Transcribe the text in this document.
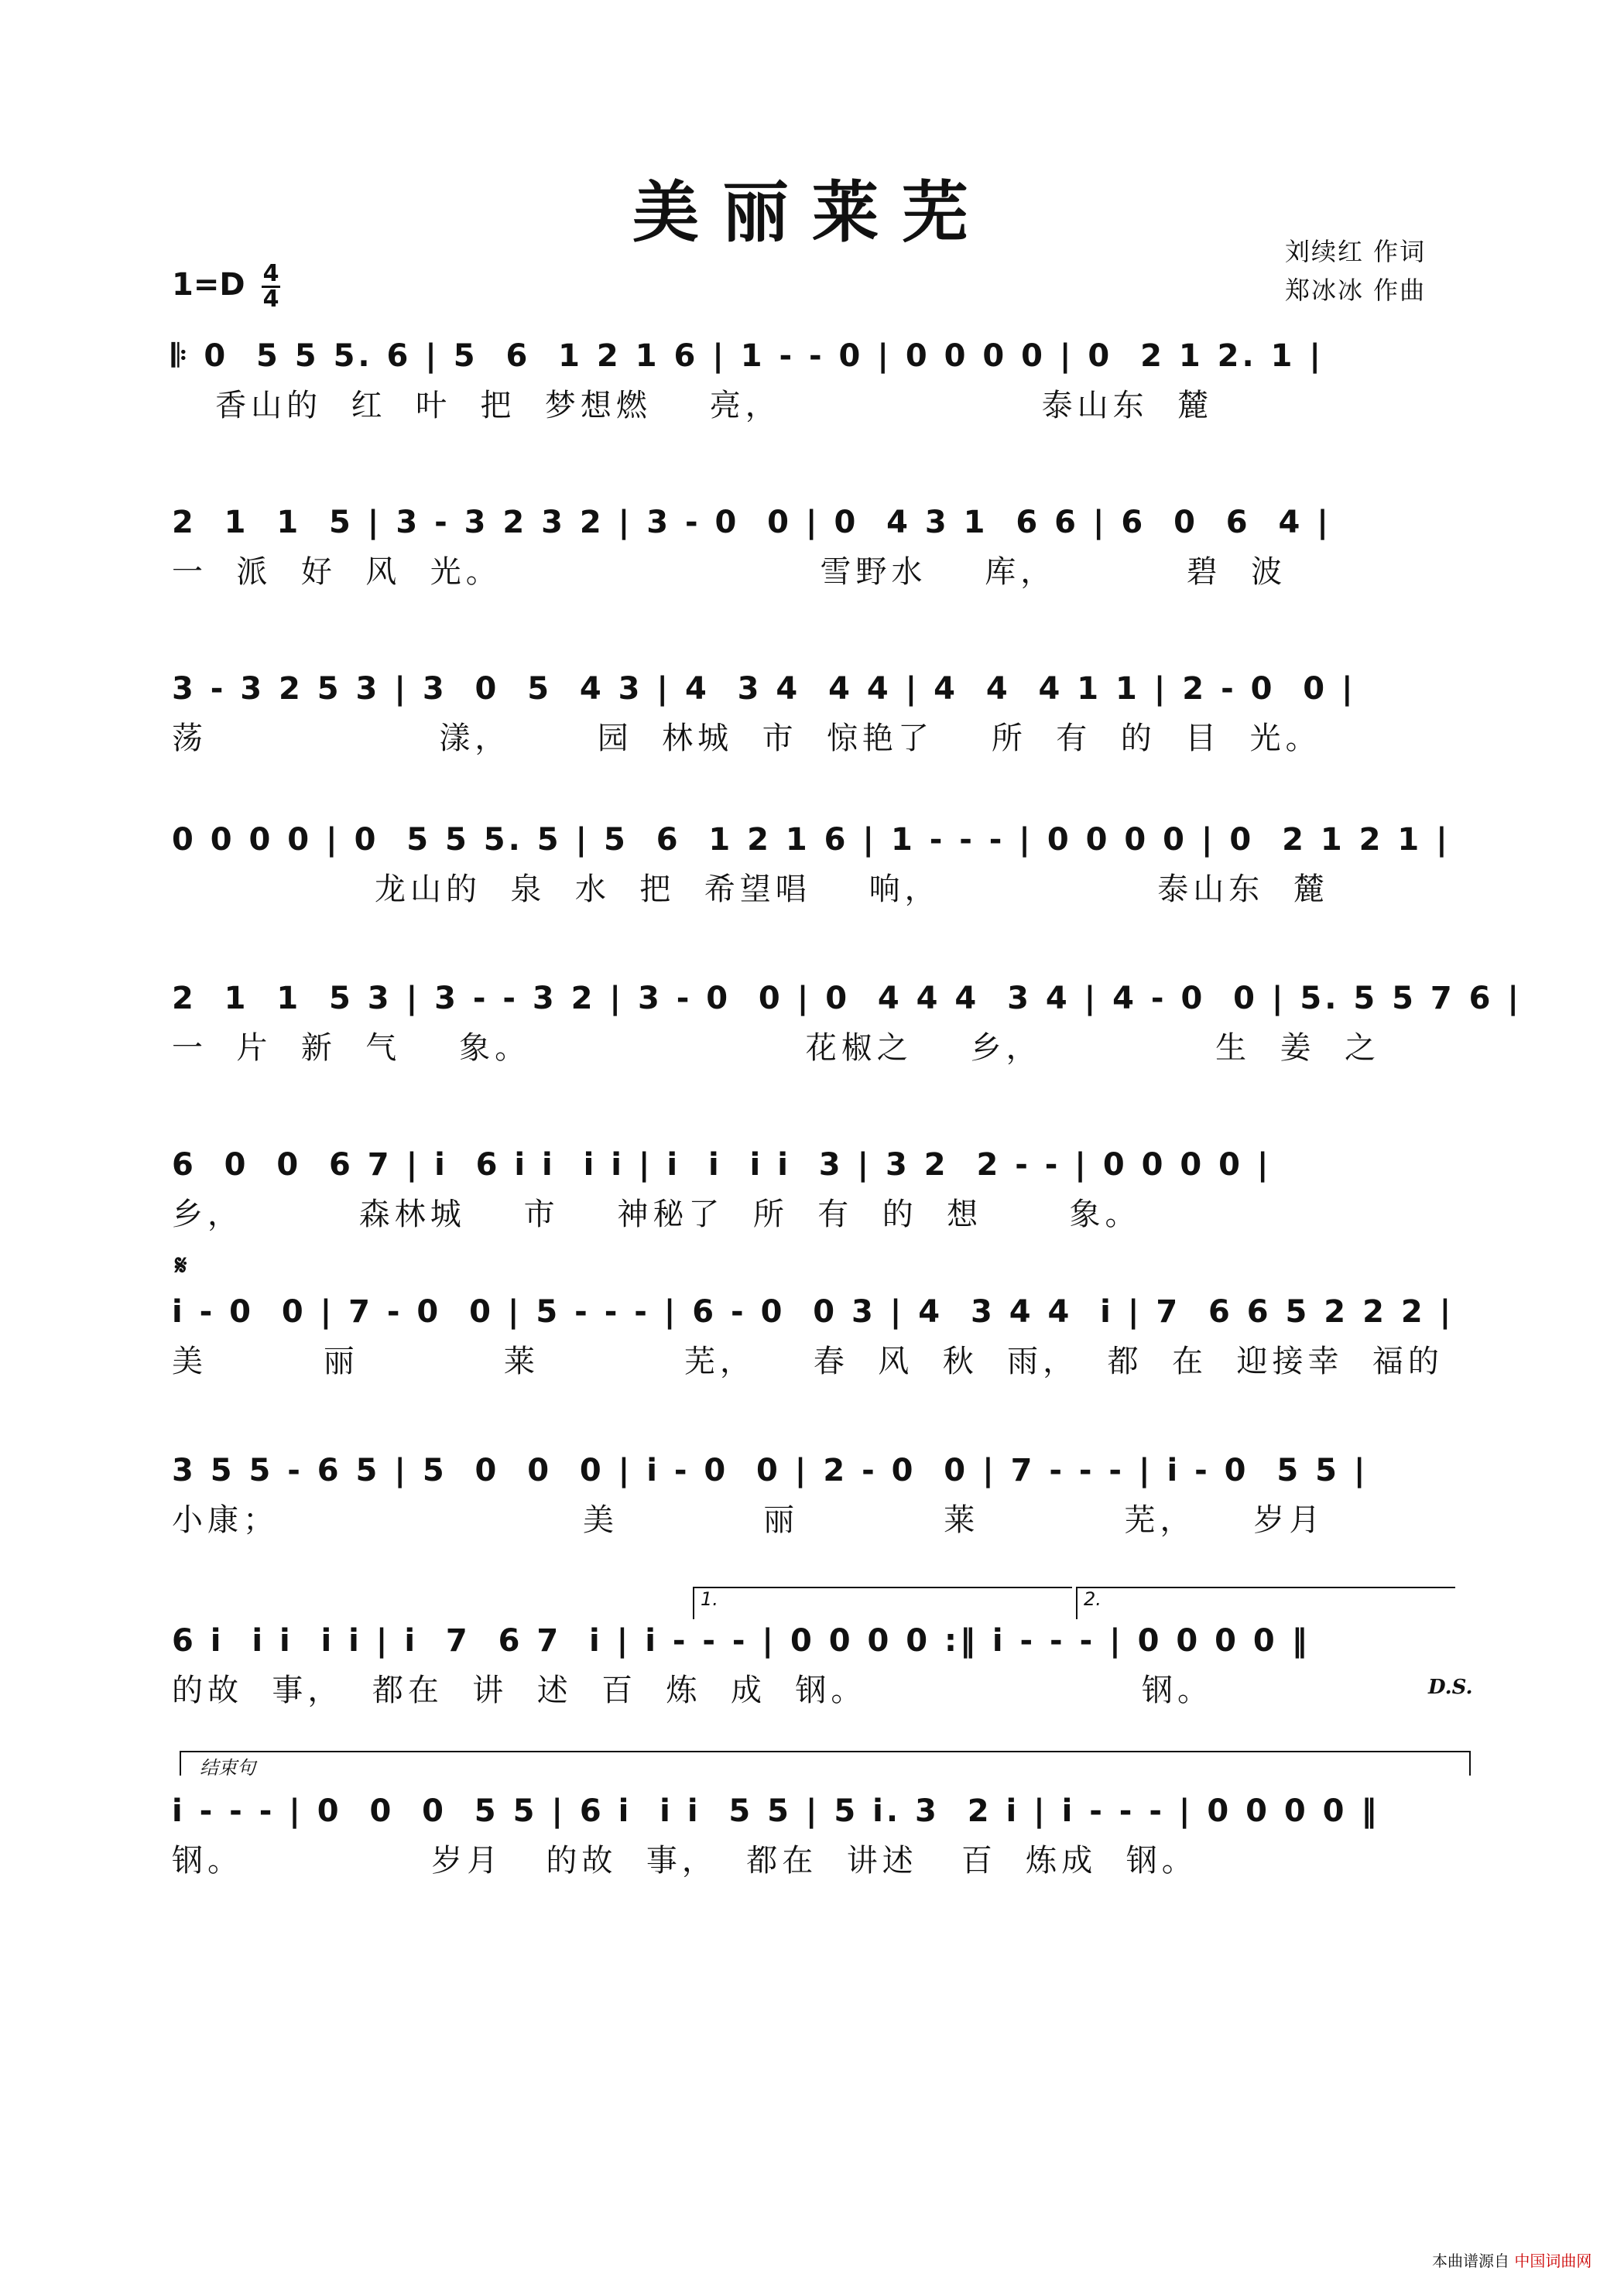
美丽莱芜	刘续红 作词
郑冰冰 作曲
1=D 4
4
𝄆 0  5 5 5. 6 | 5  6  1 2 1 6 | 1 - - 0 | 0 0 0 0 | 0  2 1 2. 1 |
香山的  红  叶  把  梦想燃    亮，                  泰山东  麓
2  1  1  5 | 3 - 3 2 3 2 | 3 - 0  0 | 0  4 3 1  6 6 | 6  0  6  4 |
一  派  好  风  光。                      雪野水    库，         碧  波
3 - 3 2 5 3 | 3  0  5  4 3 | 4  3 4  4 4 | 4  4  4 1 1 | 2 - 0  0 |
荡                漾，      园  林城  市  惊艳了    所  有  的  目  光。
0 0 0 0 | 0  5 5 5. 5 | 5  6  1 2 1 6 | 1 - - - | 0 0 0 0 | 0  2 1 2 1 |
龙山的  泉  水  把  希望唱    响，               泰山东  麓
2  1  1  5 3 | 3 - - 3 2 | 3 - 0  0 | 0  4 4 4  3 4 | 4 - 0  0 | 5. 5 5 7 6 |
一  片  新  气    象。                   花椒之    乡，            生  姜  之
6  0  0  6 7 | i  6 i i  i i | i  i  i i  3 | 3 2  2 - - | 0 0 0 0 |
乡，        森林城    市    神秘了  所  有  的  想      象。
𝄋
i - 0  0 | 7 - 0  0 | 5 - - - | 6 - 0  0 3 | 4  3 4 4  i | 7  6 6 5 2 2 2 |
美        丽          莱          芜，    春  风  秋  雨，  都  在  迎接幸  福的
3 5 5 - 6 5 | 5  0  0  0 | i - 0  0 | 2 - 0  0 | 7 - - - | i - 0  5 5 |
小康；                     美          丽          莱          芜，    岁月
1.	2.
6 i  i i  i i | i  7  6 7  i | i - - - | 0 0 0 0 :‖ i - - - | 0 0 0 0 ‖
的故  事，  都在  讲  述  百  炼  成  钢。                   钢。	D.S.
结束句
i - - - | 0  0  0  5 5 | 6 i  i i  5 5 | 5 i. 3  2 i | i - - - | 0 0 0 0 ‖
钢。             岁月   的故  事，  都在  讲述   百  炼成  钢。
本曲谱源自 中国词曲网
